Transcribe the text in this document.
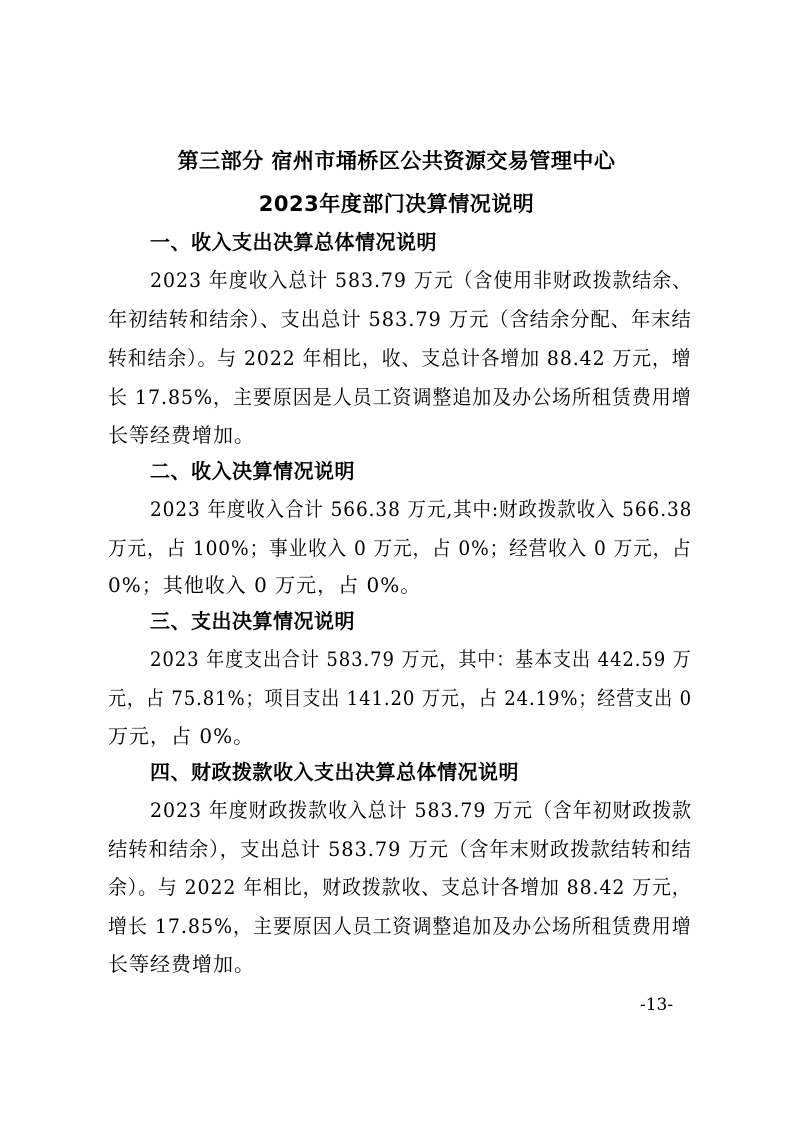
第三部分 宿州市埇桥区公共资源交易管理中心
2023年度部门决算情况说明
一、收入支出决算总体情况说明
2023 年度收入总计 583.79 万元（含使用非财政拨款结余、
年初结转和结余）、支出总计 583.79 万元（含结余分配、年末结
转和结余）。与 2022 年相比，收、支总计各增加 88.42 万元，增
长 17.85%，主要原因是人员工资调整追加及办公场所租赁费用增
长等经费增加。
二、收入决算情况说明
2023 年度收入合计 566.38 万元,其中:财政拨款收入 566.38
万元，占 100%；事业收入 0 万元，占 0%；经营收入 0 万元，占
0%；其他收入 0 万元，占 0%。
三、支出决算情况说明
2023 年度支出合计 583.79 万元，其中：基本支出 442.59 万
元，占 75.81%；项目支出 141.20 万元，占 24.19%；经营支出 0
万元，占 0%。
四、财政拨款收入支出决算总体情况说明
2023 年度财政拨款收入总计 583.79 万元（含年初财政拨款
结转和结余），支出总计 583.79 万元（含年末财政拨款结转和结
余）。与 2022 年相比，财政拨款收、支总计各增加 88.42 万元，
增长 17.85%，主要原因人员工资调整追加及办公场所租赁费用增
长等经费增加。
-13-
